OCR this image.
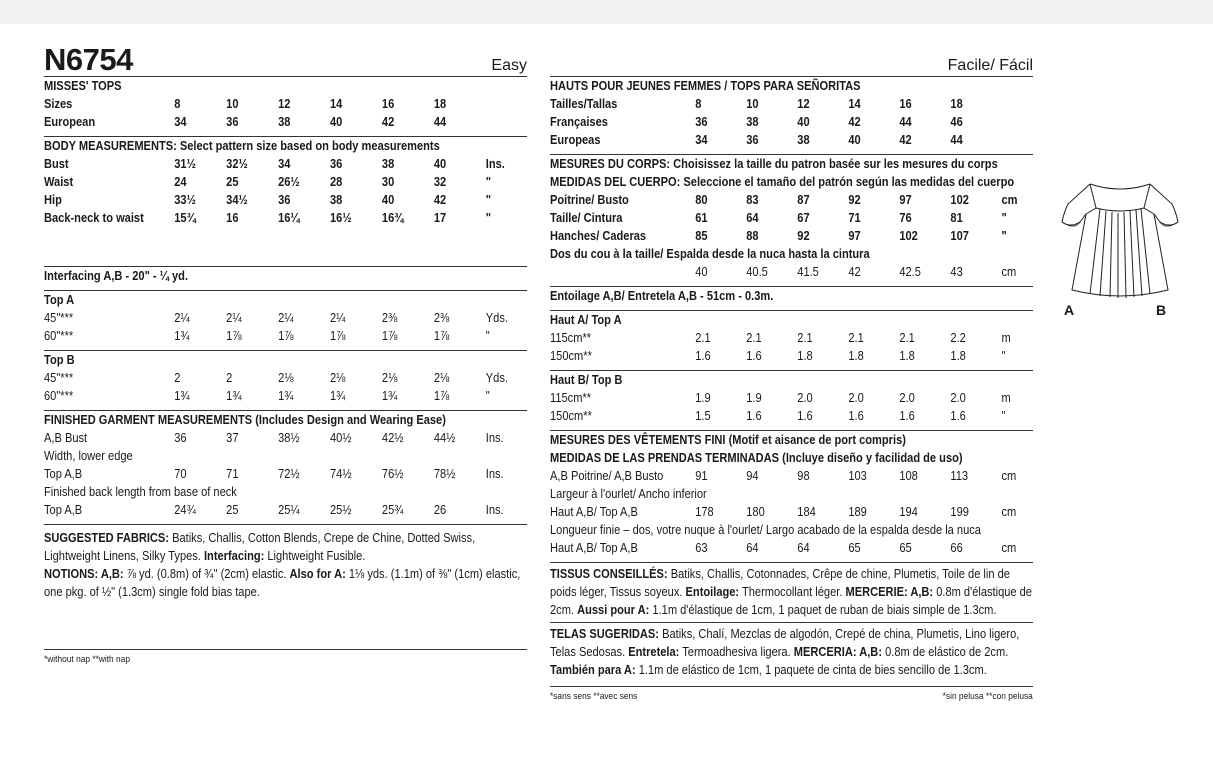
N6754	Easy
MISSES' TOPS
Sizes	8	10	12	14	16	18
European	34	36	38	40	42	44
BODY MEASUREMENTS: Select pattern size based on body measurements
Bust	31½	32½	34	36	38	40	Ins.
Waist	24	25	26½	28	30	32	"
Hip	33½	34½	36	38	40	42	"
Back-neck to waist	15¾	16	16¼	16½	16¾	17	"
Interfacing A,B - 20" - ¼ yd.
Top A
45"***	2¼	2¼	2¼	2¼	2⅜	2⅜	Yds.
60"***	1¾	1⅞	1⅞	1⅞	1⅞	1⅞	"
Top B
45"***	2	2	2⅛	2⅛	2⅛	2⅛	Yds.
60"***	1¾	1¾	1¾	1¾	1¾	1⅞	"
FINISHED GARMENT MEASUREMENTS (Includes Design and Wearing Ease)
A,B Bust	36	37	38½	40½	42½	44½	Ins.
Width, lower edge
Top A,B	70	71	72½	74½	76½	78½	Ins.
Finished back length from base of neck
Top A,B	24¾	25	25¼	25½	25¾	26	Ins.

SUGGESTED FABRICS: Batiks, Challis, Cotton Blends, Crepe de Chine, Dotted Swiss, Lightweight Linens, Silky Types. Interfacing: Lightweight Fusible.

NOTIONS: A,B: ⅞ yd. (0.8m) of ¾" (2cm) elastic. Also for A: 1⅛ yds. (1.1m) of ⅜" (1cm) elastic, one pkg. of ½" (1.3cm) single fold bias tape.

*without nap **with nap
Facile/ Fácil
HAUTS POUR JEUNES FEMMES / TOPS PARA SEÑORITAS
Tailles/Tallas	8	10	12	14	16	18
Françaises	36	38	40	42	44	46
Europeas	34	36	38	40	42	44
MESURES DU CORPS: Choisissez la taille du patron basée sur les mesures du corps
MEDIDAS DEL CUERPO: Seleccione el tamaño del patrón según las medidas del cuerpo
Poitrine/ Busto	80	83	87	92	97	102	cm
Taille/ Cintura	61	64	67	71	76	81	"
Hanches/ Caderas	85	88	92	97	102	107	"
Dos du cou à la taille/ Espalda desde la nuca hasta la cintura
40	40.5	41.5	42	42.5	43	cm
Entoilage A,B/ Entretela A,B - 51cm - 0.3m.
Haut A/ Top A
115cm**	2.1	2.1	2.1	2.1	2.1	2.2	m
150cm**	1.6	1.6	1.8	1.8	1.8	1.8	"
Haut B/ Top B
115cm**	1.9	1.9	2.0	2.0	2.0	2.0	m
150cm**	1.5	1.6	1.6	1.6	1.6	1.6	"
MESURES DES VÊTEMENTS FINI (Motif et aisance de port compris)
MEDIDAS DE LAS PRENDAS TERMINADAS (Incluye diseño y facilidad de uso)
A,B Poitrine/ A,B Busto	91	94	98	103	108	113	cm
Largeur à l'ourlet/ Ancho inferior
Haut A,B/ Top A,B	178	180	184	189	194	199	cm
Longueur finie – dos, votre nuque à l'ourlet/ Largo acabado de la espalda desde la nuca
Haut A,B/ Top A,B	63	64	64	65	65	66	cm

TISSUS CONSEILLÉS: Batiks, Challis, Cotonnades, Crêpe de chine, Plumetis, Toile de lin de poids léger, Tissus soyeux. Entoilage: Thermocollant léger. MERCERIE: A,B: 0.8m d'élastique de 2cm. Aussi pour A: 1.1m d'élastique de 1cm, 1 paquet de ruban de biais simple de 1.3cm.

TELAS SUGERIDAS: Batiks, Chalí, Mezclas de algodón, Crepé de china, Plumetis, Lino ligero, Telas Sedosas. Entretela: Termoadhesiva ligera. MERCERIA: A,B: 0.8m de elástico de 2cm. También para A: 1.1m de elástico de 1cm, 1 paquete de cinta de bies sencillo de 1.3cm.

*sans sens **avec sens	*sin pelusa **con pelusa
A	B
